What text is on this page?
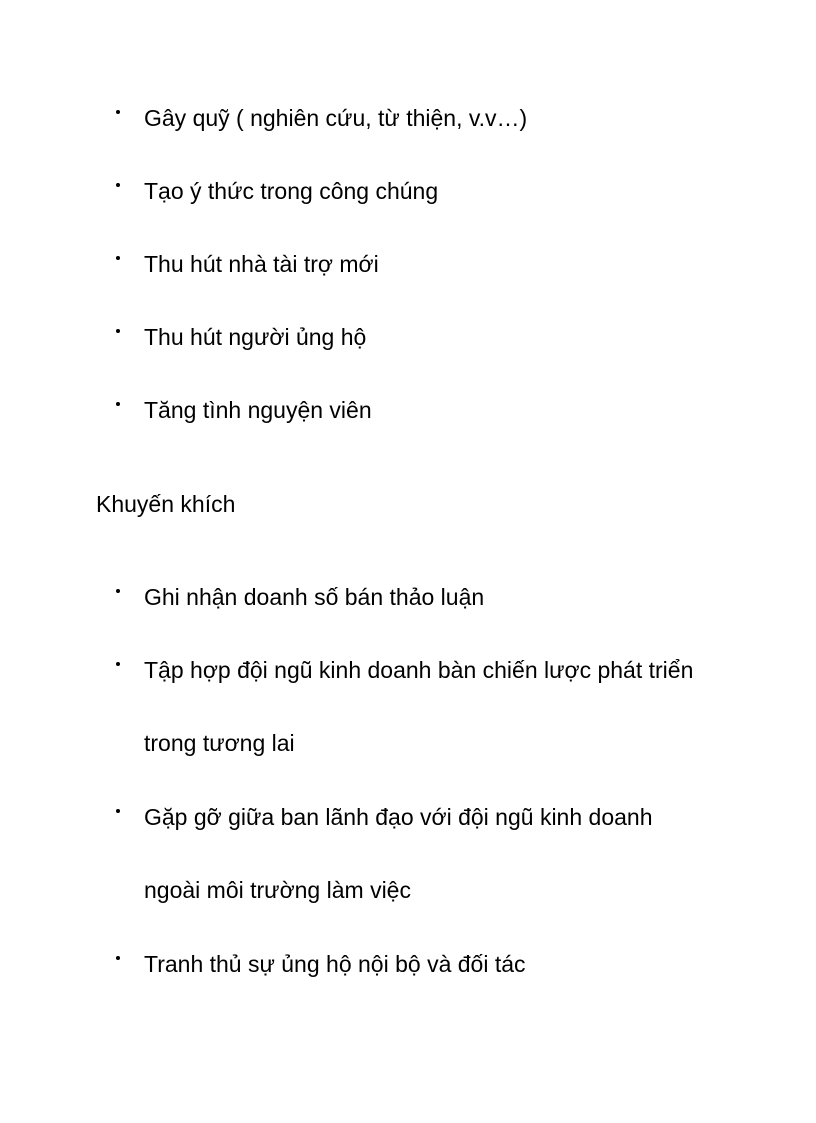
Gây quỹ ( nghiên cứu, từ thiện, v.v…)
Tạo ý thức trong công chúng
Thu hút nhà tài trợ mới
Thu hút người ủng hộ
Tăng tình nguyện viên
Khuyến khích
Ghi nhận doanh số bán thảo luận
Tập hợp đội ngũ kinh doanh bàn chiến lược phát triển
trong tương lai
Gặp gỡ giữa ban lãnh đạo với đội ngũ kinh doanh
ngoài môi trường làm việc
Tranh thủ sự ủng hộ nội bộ và đối tác
